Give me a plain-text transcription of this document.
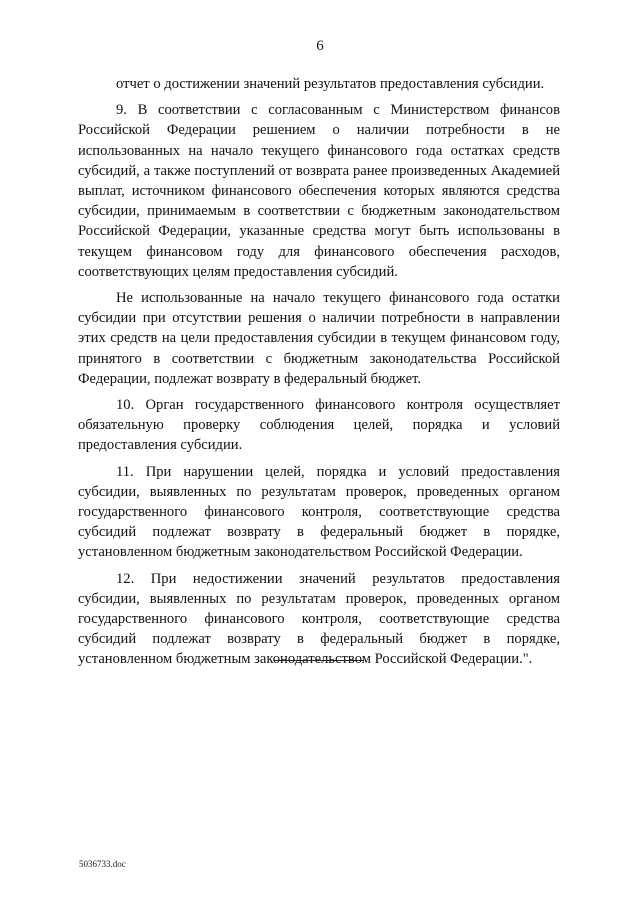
6

отчет о достижении значений результатов предоставления субсидии.

9. В соответствии с согласованным с Министерством финансов Российской Федерации решением о наличии потребности в не использованных на начало текущего финансового года остатках средств субсидий, а также поступлений от возврата ранее произведенных Академией выплат, источником финансового обеспечения которых являются средства субсидии, принимаемым в соответствии с бюджетным законодательством Российской Федерации, указанные средства могут быть использованы в текущем финансовом году для финансового обеспечения расходов, соответствующих целям предоставления субсидий.

Не использованные на начало текущего финансового года остатки субсидии при отсутствии решения о наличии потребности в направлении этих средств на цели предоставления субсидии в текущем финансовом году, принятого в соответствии с бюджетным законодательства Российской Федерации, подлежат возврату в федеральный бюджет.

10. Орган государственного финансового контроля осуществляет обязательную проверку соблюдения целей, порядка и условий предоставления субсидии.

11. При нарушении целей, порядка и условий предоставления субсидии, выявленных по результатам проверок, проведенных органом государственного финансового контроля, соответствующие средства субсидий подлежат возврату в федеральный бюджет в порядке, установленном бюджетным законодательством Российской Федерации.

12. При недостижении значений результатов предоставления субсидии, выявленных по результатам проверок, проведенных органом государственного финансового контроля, соответствующие средства субсидий подлежат возврату в федеральный бюджет в порядке, установленном бюджетным законодательством Российской Федерации.".

5036733.doc
